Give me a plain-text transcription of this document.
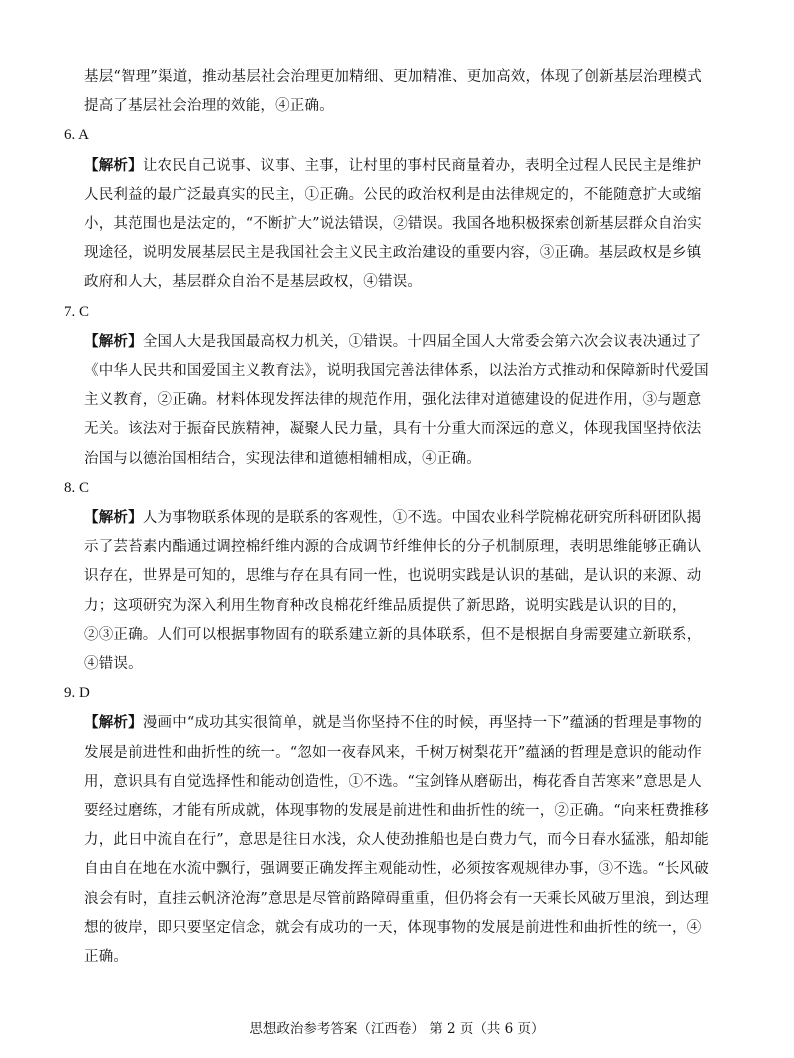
基层“智理”渠道，推动基层社会治理更加精细、更加精准、更加高效，体现了创新基层治理模式提高了基层社会治理的效能，④正确。

6. A

【解析】让农民自己说事、议事、主事，让村里的事村民商量着办，表明全过程人民民主是维护人民利益的最广泛最真实的民主，①正确。公民的政治权利是由法律规定的，不能随意扩大或缩小，其范围也是法定的，“不断扩大”说法错误，②错误。我国各地积极探索创新基层群众自治实现途径，说明发展基层民主是我国社会主义民主政治建设的重要内容，③正确。基层政权是乡镇政府和人大，基层群众自治不是基层政权，④错误。

7. C

【解析】全国人大是我国最高权力机关，①错误。十四届全国人大常委会第六次会议表决通过了《中华人民共和国爱国主义教育法》，说明我国完善法律体系，以法治方式推动和保障新时代爱国主义教育，②正确。材料体现发挥法律的规范作用，强化法律对道德建设的促进作用，③与题意无关。该法对于振奋民族精神，凝聚人民力量，具有十分重大而深远的意义，体现我国坚持依法治国与以德治国相结合，实现法律和道德相辅相成，④正确。

8. C

【解析】人为事物联系体现的是联系的客观性，①不选。中国农业科学院棉花研究所科研团队揭示了芸苔素内酯通过调控棉纤维内源的合成调节纤维伸长的分子机制原理，表明思维能够正确认识存在，世界是可知的，思维与存在具有同一性，也说明实践是认识的基础，是认识的来源、动力；这项研究为深入利用生物育种改良棉花纤维品质提供了新思路，说明实践是认识的目的，②③正确。人们可以根据事物固有的联系建立新的具体联系，但不是根据自身需要建立新联系，④错误。

9. D

【解析】漫画中“成功其实很简单，就是当你坚持不住的时候，再坚持一下”蕴涵的哲理是事物的发展是前进性和曲折性的统一。“忽如一夜春风来，千树万树梨花开”蕴涵的哲理是意识的能动作用，意识具有自觉选择性和能动创造性，①不选。“宝剑锋从磨砺出，梅花香自苦寒来”意思是人要经过磨练，才能有所成就，体现事物的发展是前进性和曲折性的统一，②正确。“向来枉费推移力，此日中流自在行”，意思是往日水浅，众人使劲推船也是白费力气，而今日春水猛涨，船却能自由自在地在水流中飘行，强调要正确发挥主观能动性，必须按客观规律办事，③不选。“长风破浪会有时，直挂云帆济沧海”意思是尽管前路障碍重重，但仍将会有一天乘长风破万里浪，到达理想的彼岸，即只要坚定信念，就会有成功的一天，体现事物的发展是前进性和曲折性的统一，④正确。

思想政治参考答案（江西卷） 第 2 页（共 6 页）
